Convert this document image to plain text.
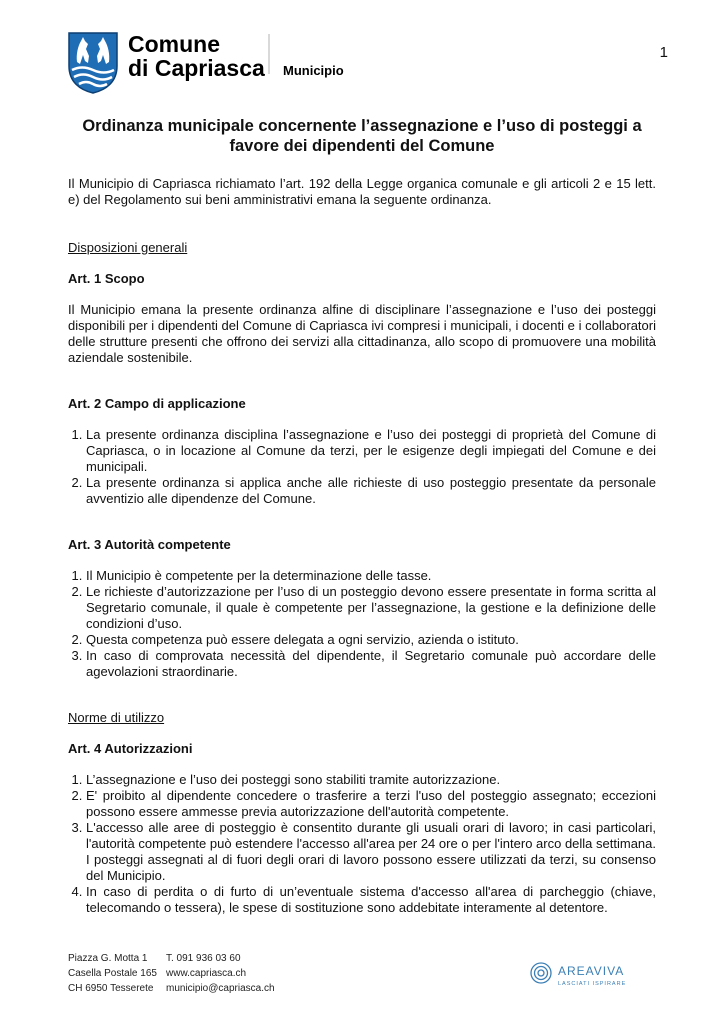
Comune
di Capriasca Municipio
1
Ordinanza municipale concernente l’assegnazione e l’uso di posteggi a favore dei dipendenti del Comune

Il Municipio di Capriasca richiamato l’art. 192 della Legge organica comunale e gli articoli 2 e 15 lett. e) del Regolamento sui beni amministrativi emana la seguente ordinanza.

Disposizioni generali
Art. 1 Scopo

Il Municipio emana la presente ordinanza alfine di disciplinare l’assegnazione e l’uso dei posteggi disponibili per i dipendenti del Comune di Capriasca ivi compresi i municipali, i docenti e i collaboratori delle strutture presenti che offrono dei servizi alla cittadinanza, allo scopo di promuovere una mobilità aziendale sostenibile.

Art. 2 Campo di applicazione
1. La presente ordinanza disciplina l’assegnazione e l’uso dei posteggi di proprietà del Comune di Capriasca, o in locazione al Comune da terzi, per le esigenze degli impiegati del Comune e dei municipali.
2. La presente ordinanza si applica anche alle richieste di uso posteggio presentate da personale avventizio alle dipendenze del Comune.
Art. 3 Autorità competente
1. Il Municipio è competente per la determinazione delle tasse.
2. Le richieste d’autorizzazione per l’uso di un posteggio devono essere presentate in forma scritta al Segretario comunale, il quale è competente per l’assegnazione, la gestione e la definizione delle condizioni d’uso.
2. Questa competenza può essere delegata a ogni servizio, azienda o istituto.
3. In caso di comprovata necessità del dipendente, il Segretario comunale può accordare delle agevolazioni straordinarie.
Norme di utilizzo
Art. 4 Autorizzazioni
1. L’assegnazione e l’uso dei posteggi sono stabiliti tramite autorizzazione.
2. E' proibito al dipendente concedere o trasferire a terzi l'uso del posteggio assegnato; eccezioni possono essere ammesse previa autorizzazione dell'autorità competente.
3. L'accesso alle aree di posteggio è consentito durante gli usuali orari di lavoro; in casi particolari, l'autorità competente può estendere l'accesso all'area per 24 ore o per l'intero arco della settimana. I posteggi assegnati al di fuori degli orari di lavoro possono essere utilizzati da terzi, su consenso del Municipio.
4. In caso di perdita o di furto di un’eventuale sistema d'accesso all'area di parcheggio (chiave, telecomando o tessera), le spese di sostituzione sono addebitate interamente al detentore.
Piazza G. Motta 1
Casella Postale 165
CH 6950 Tesserete
T. 091 936 03 60
www.capriasca.ch
municipio@capriasca.ch
AREAVIVA
LASCIATI ISPIRARE
